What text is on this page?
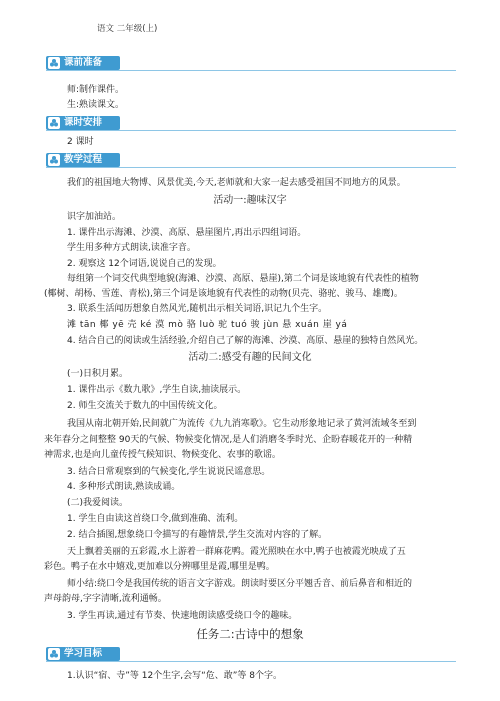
语文 二年级(上)
课前准备
师:制作课件。
生:熟读课文。
课时安排
2 课时
教学过程
我们的祖国地大物博、风景优美,今天,老师就和大家一起去感受祖国不同地方的风景。
活动一:趣味汉字
识字加油站。
1. 课件出示海滩、沙漠、高原、悬崖图片,再出示四组词语。
学生用多种方式朗读,读准字音。
2. 观察这 12个词语,说说自己的发现。
每组第一个词交代典型地貌(海滩、沙漠、高原、悬崖),第二个词是该地貌有代表性的植物
(椰树、胡杨、雪莲、青松),第三个词是该地貌有代表性的动物(贝壳、骆驼、骏马、雄鹰)。
3. 联系生活闻历想象自然风光,随机出示相关词语,识记九个生字。
滩 tān 椰 yē 壳 ké 漠 mò 骆 luò 驼 tuó 骏 jùn 悬 xuán 崖 yá
4. 结合自己的阅读或生活经验,介绍自己了解的海滩、沙漠、高原、悬崖的独特自然风光。
活动二:感受有趣的民间文化
(一)日积月累。
1. 课件出示《数九歌》,学生自读,抽读展示。
2. 师生交流关于数九的中国传统文化。
我国从南北朝开始,民间就广为流传《九九消寒歌》。它生动形象地记录了黄河流域冬至到
来年春分之间整整 90天的气候、物候变化情况,是人们消磨冬季时光、企盼春暖花开的一种精
神需求,也是向儿童传授气候知识、物候变化、农事的歌谣。
3. 结合日常观察到的气候变化,学生说说民谣意思。
4. 多种形式朗读,熟读成诵。
(二)我爱阅读。
1. 学生自由读这首绕口令,做到准确、流利。
2. 结合插图,想象绕口令描写的有趣情景,学生交流对内容的了解。
天上飘着美丽的五彩霞,水上游着一群麻花鸭。霞光照映在水中,鸭子也被霞光映成了五
彩色。鸭子在水中嬉戏,更加难以分辨哪里是霞,哪里是鸭。
师小结:绕口令是我国传统的语言文字游戏。朗读时要区分平翘舌音、前后鼻音和相近的
声母韵母,字字清晰,流利通畅。
3. 学生再读,通过有节奏、快速地朗读感受绕口令的趣味。
任务二:古诗中的想象
学习目标
1.认识“宿、寺”等 12个生字,会写“危、敢”等 8个字。
